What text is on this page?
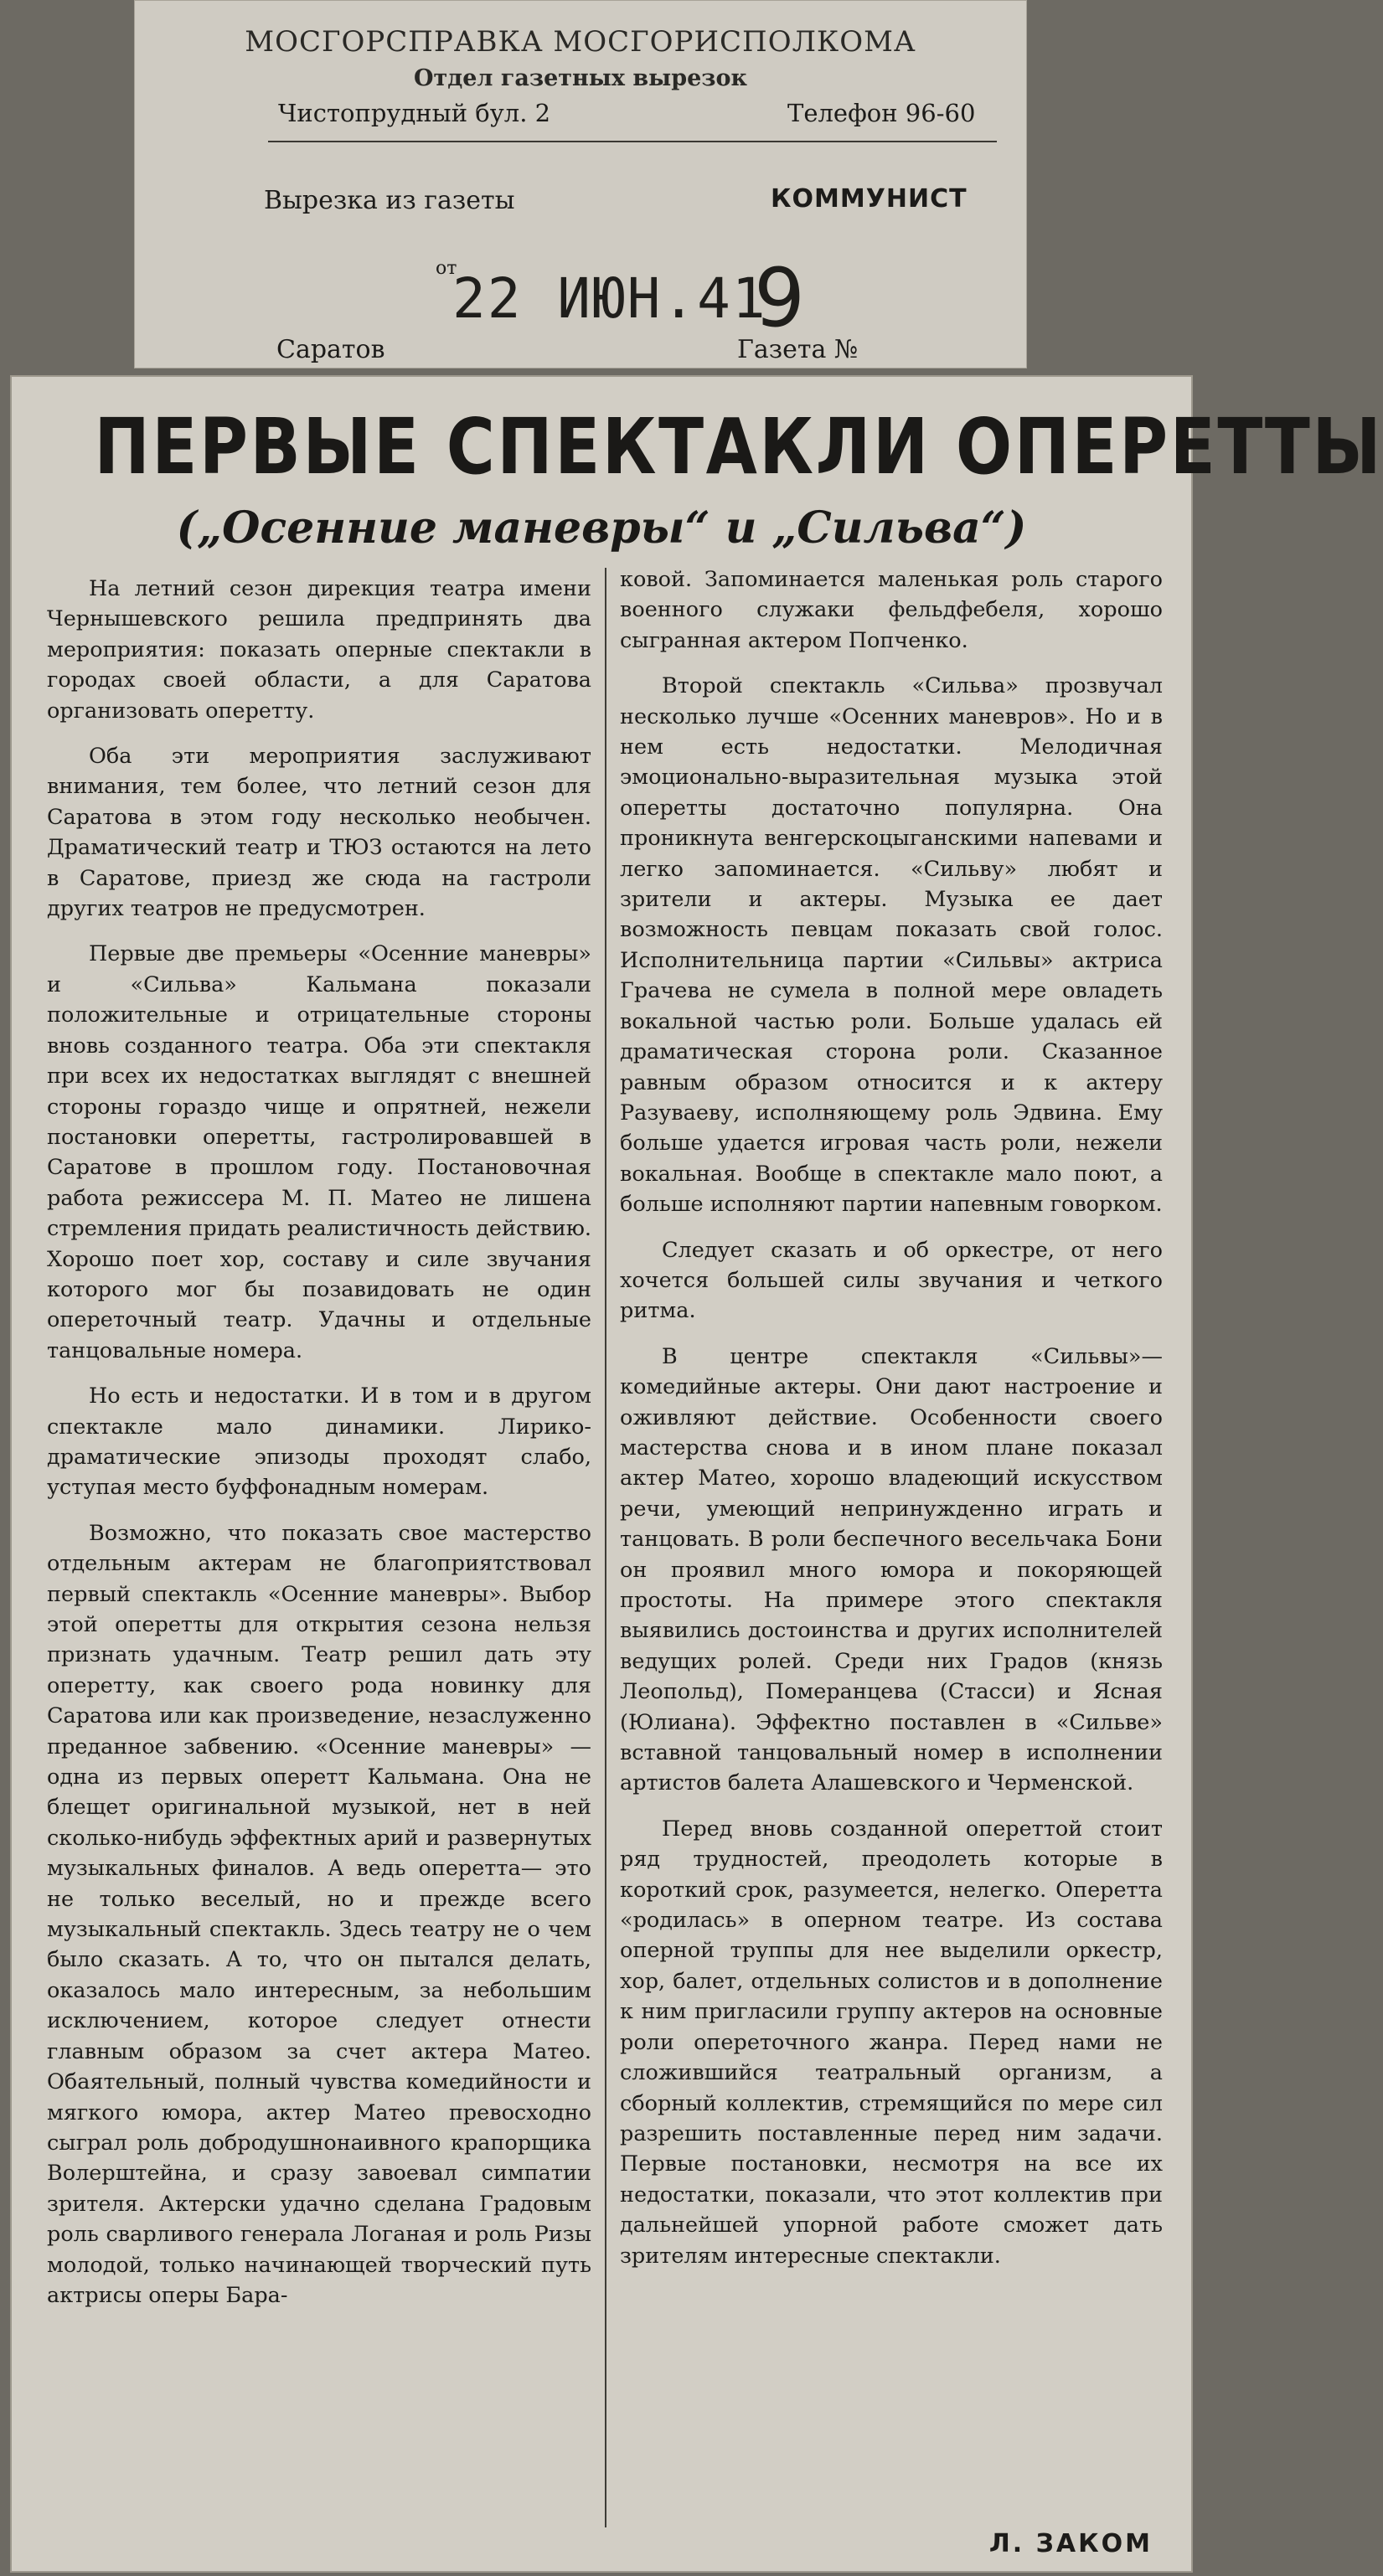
МОСГОРСПРАВКА МОСГОРИСПОЛКОМА
Отдел газетных вырезок
Чистопрудный бул. 2	Телефон 96-60
Вырезка из газеты	КОММУНИСТ
от
22 ИЮН.41
9
Саратов	Газета №
ПЕРВЫЕ СПЕКТАКЛИ ОПЕРЕТТЫ
(„Осенние маневры“ и „Сильва“)

На летний сезон дирекция театра имени Чернышевского решила предпринять два мероприятия: показать оперные спектакли в городах своей области, а для Саратова организовать оперетту.

Оба эти мероприятия заслуживают внимания, тем более, что летний сезон для Саратова в этом году несколько необычен. Драматический театр и ТЮЗ остаются на лето в Саратове, приезд же сюда на гастроли других театров не предусмотрен.

Первые две премьеры «Осенние маневры» и «Сильва» Кальмана показали положительные и отрицательные стороны вновь созданного театра. Оба эти спектакля при всех их недостатках выглядят с внешней стороны гораздо чище и опрятней, нежели постановки оперетты, гастролировавшей в Саратове в прошлом году. Постановочная работа режиссера М. П. Матео не лишена стремления придать реалистичность действию. Хорошо поет хор, составу и силе звучания которого мог бы позавидовать не один опереточный театр. Удачны и отдельные танцовальные номера.

Но есть и недостатки. И в том и в другом спектакле мало динамики. Лирико-драматические эпизоды проходят слабо, уступая место буффонадным номерам.

Возможно, что показать свое мастерство отдельным актерам не благоприятствовал первый спектакль «Осенние маневры». Выбор этой оперетты для открытия сезона нельзя признать удачным. Театр решил дать эту оперетту, как своего рода новинку для Саратова или как произведение, незаслуженно преданное забвению. «Осенние маневры» —одна из первых оперетт Кальмана. Она не блещет оригинальной музыкой, нет в ней сколько-нибудь эффектных арий и развернутых музыкальных финалов. А ведь оперетта— это не только веселый, но и прежде всего музыкальный спектакль. Здесь театру не о чем было сказать. А то, что он пытался делать, оказалось мало интересным, за небольшим исключением, которое следует отнести главным образом за счет актера Матео. Обаятельный, полный чувства комедийности и мягкого юмора, актер Матео превосходно сыграл роль добродушнонаивного крапорщика Волерштейна, и сразу завоевал симпатии зрителя. Актерски удачно сделана Градовым роль сварливого генерала Логаная и роль Ризы молодой, только начинающей творческий путь актрисы оперы Бара-

ковой. Запоминается маленькая роль старого военного служаки фельдфебеля, хорошо сыгранная актером Попченко.

Второй спектакль «Сильва» прозвучал несколько лучше «Осенних маневров». Но и в нем есть недостатки. Мелодичная эмоционально-выразительная музыка этой оперетты достаточно популярна. Она проникнута венгерскоцыганскими напевами и легко запоминается. «Сильву» любят и зрители и актеры. Музыка ее дает возможность певцам показать свой голос. Исполнительница партии «Сильвы» актриса Грачева не сумела в полной мере овладеть вокальной частью роли. Больше удалась ей драматическая сторона роли. Сказанное равным образом относится и к актеру Разуваеву, исполняющему роль Эдвина. Ему больше удается игровая часть роли, нежели вокальная. Вообще в спектакле мало поют, а больше исполняют партии напевным говорком.

Следует сказать и об оркестре, от него хочется большей силы звучания и четкого ритма.

В центре спектакля «Сильвы»—комедийные актеры. Они дают настроение и оживляют действие. Особенности своего мастерства снова и в ином плане показал актер Матео, хорошо владеющий искусством речи, умеющий непринужденно играть и танцовать. В роли беспечного весельчака Бони он проявил много юмора и покоряющей простоты. На примере этого спектакля выявились достоинства и других исполнителей ведущих ролей. Среди них Градов (князь Леопольд), Померанцева (Стасси) и Ясная (Юлиана). Эффектно поставлен в «Сильве» вставной танцовальный номер в исполнении артистов балета Алашевского и Черменской.

Перед вновь созданной опереттой стоит ряд трудностей, преодолеть которые в короткий срок, разумеется, нелегко. Оперетта «родилась» в оперном театре. Из состава оперной труппы для нее выделили оркестр, хор, балет, отдельных солистов и в дополнение к ним пригласили группу актеров на основные роли опереточного жанра. Перед нами не сложившийся театральный организм, а сборный коллектив, стремящийся по мере сил разрешить поставленные перед ним задачи. Первые постановки, несмотря на все их недостатки, показали, что этот коллектив при дальнейшей упорной работе сможет дать зрителям интересные спектакли.

Л. ЗАКОМ
